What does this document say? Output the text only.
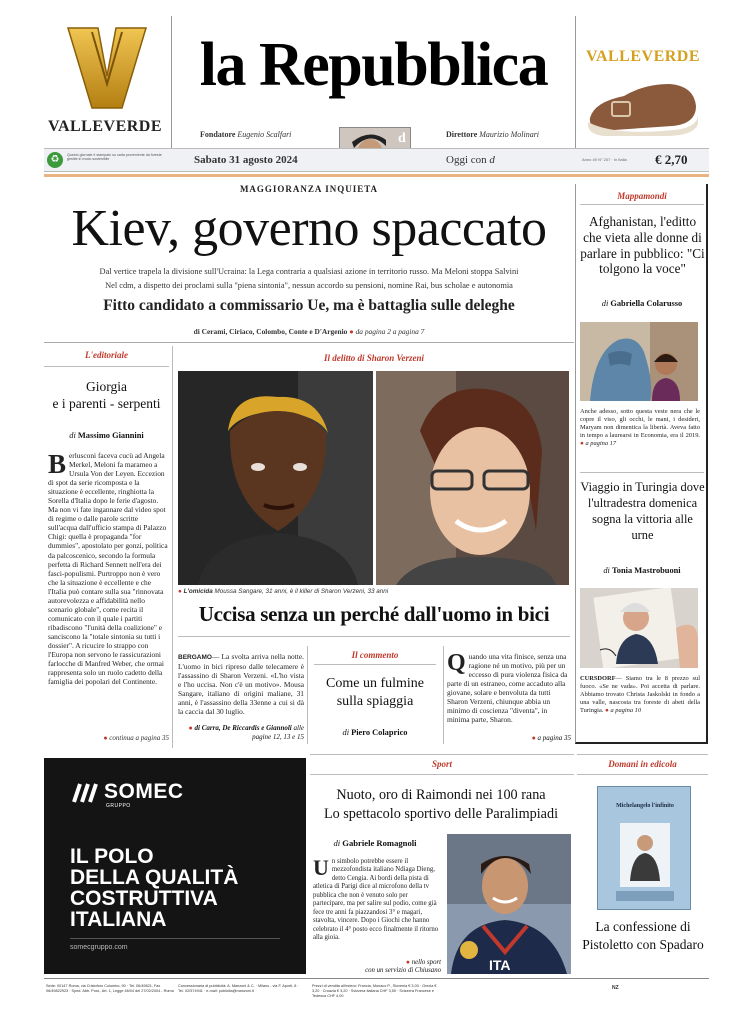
VALLEVERDE
la Repubblica
Fondatore Eugenio Scalfari	Direttore Maurizio Molinari
d
VALLEVERDE
♻	Questo giornale è stampato su carta proveniente da foreste gestite in modo sostenibile	Sabato 31 agosto 2024	Oggi con d	Anno 49 N° 207 · In Italia € 2,70
MAGGIORANZA INQUIETA
Kiev, governo spaccato
Dal vertice trapela la divisione sull'Ucraina: la Lega contraria a qualsiasi azione in territorio russo. Ma Meloni stoppa Salvini
Nel cdm, a dispetto dei proclami sulla "piena sintonia", nessun accordo su pensioni, nomine Rai, bus scholae e autonomia
Fitto candidato a commissario Ue, ma è battaglia sulle deleghe
di Cerami, Ciriaco, Colombo, Conte e D'Argenio ● da pagina 2 a pagina 7
Mappamondi
Afghanistan, l'editto che vieta alle donne di parlare in pubblico: "Ci tolgono la voce"
di Gabriella Colarusso
Anche adesso, sotto questa veste nera che le copre il viso, gli occhi, le mani, i desideri, Maryam non dimentica la libertà. Aveva fatto in tempo a laurearsi in Economia, era il 2019. ● a pagina 17
Viaggio in Turingia dove l'ultradestra domenica sogna la vittoria alle urne
di Tonia Mastrobuoni
CURSDORF— Siamo tra le 8 prezzo sul fuoco. «Se ne vada». Poi accetta di parlare. Abbiamo trovato Christa Jaskolski in fondo a una valle, nascosta tra foreste di abeti della Turingia. ● a pagina 10
L'editoriale
Giorgia
e i parenti - serpenti
di Massimo Giannini
Berlusconi faceva cucù ad Angela Merkel, Meloni fa marameo a Ursula Von der Leyen. Eccezion di spot da serie ricomposta e la situazione è eccellente, ringhiotta la Sorella d'Italia dopo le ferie d'agosto. Ma non vi fate ingannare dal video spot di regime o dalle parole scritte sull'acqua dall'ufficio stampa di Palazzo Chigi: quella è propaganda "for dummies", apostolato per gonzi, politica da palcoscenico, secondo la formula perfetta di Richard Sennett nell'era dei fasci-populismi. Purtroppo non è vero che la situazione è eccellente e che l'Italia può contare sulla sua "rinnovata autorevolezza e affidabilità nello scenario globale", come recita il comunicato con il quale i partiti ribadiscono "l'unità della coalizione" e sanciscono la "totale sintonia su tutti i dossier". A ricucire lo strappo con l'Europa non servono le rassicurazioni farlocche di Manfred Weber, che ormai rappresenta solo un ruolo cadetto della famiglia dei popolari del Continente.
● continua a pagina 35
Il delitto di Sharon Verzeni
● L'omicida Moussa Sangare, 31 anni, è il killer di Sharon Verzeni, 33 anni
Uccisa senza un perché dall'uomo in bici
BERGAMO— La svolta arriva nella notte. L'uomo in bici ripreso dalle telecamere è l'assassino di Sharon Verzeni. «L'ho vista e l'ho uccisa. Non c'è un motivo». Mousa Sangare, italiano di origini maliane, 31 anni, è l'assassino della 33enne a cui si dà la caccia dal 30 luglio.
● di Carra, De Riccardis e Giannoli alle pagine 12, 13 e 15
Il commento
Come un fulmine
sulla spiaggia
di Piero Colaprico
Quando una vita finisce, senza una ragione né un motivo, più per un eccesso di pura violenza fisica da parte di un estraneo, come accaduto alla giovane, solare e benvoluta da tutti Sharon Verzeni, chiunque abbia un minimo di coscienza "diventa", in minima parte, Sharon.
● a pagina 35
SOMEC
GRUPPO
IL POLO
DELLA QUALITÀ
COSTRUTTIVA
ITALIANA
somecgruppo.com
Sport
Nuoto, oro di Raimondi nei 100 rana
Lo spettacolo sportivo delle Paralimpiadi
di Gabriele Romagnoli
Un simbolo potrebbe essere il mezzofondista italiano Ndiaga Dieng, detto Cengia. Ai bordi della pista di atletica di Parigi dice al microfono della tv pubblica che non è venuto solo per partecipare, ma per salire sul podio, come già fece tre anni fa piazzandosi 3° e magari, stavolta, vincere. Dopo i Giochi che hanno celebrato il 4° posto ecco finalmente il ritorno alla gioia.
● nello sport
con un servizio di Chiusano	ITA
Domani in edicola
Michelangelo l'infinito
La confessione di Pistoletto con Spadaro
Sede: 00147 Roma, via Cristoforo Colombo, 90 · Tel. 06/49821, Fax 06/49822923 · Sped. Abb. Post., Art. 1, Legge 46/04 del 27/02/2004 - Roma
Concessionaria di pubblicità: A. Manzoni & C. · Milano - via F. Aporti, 8 · Tel. 02/574941 · e-mail: publicita@manzoni.it
Prezzi di vendita all'estero: Francia, Monaco P., Slovenia € 3,00 · Grecia € 3,20 · Croazia € 3,20 · Svizzera Italiana CHF 3,50 · Svizzera Francese e Tedesca CHF 4,00
NZ
